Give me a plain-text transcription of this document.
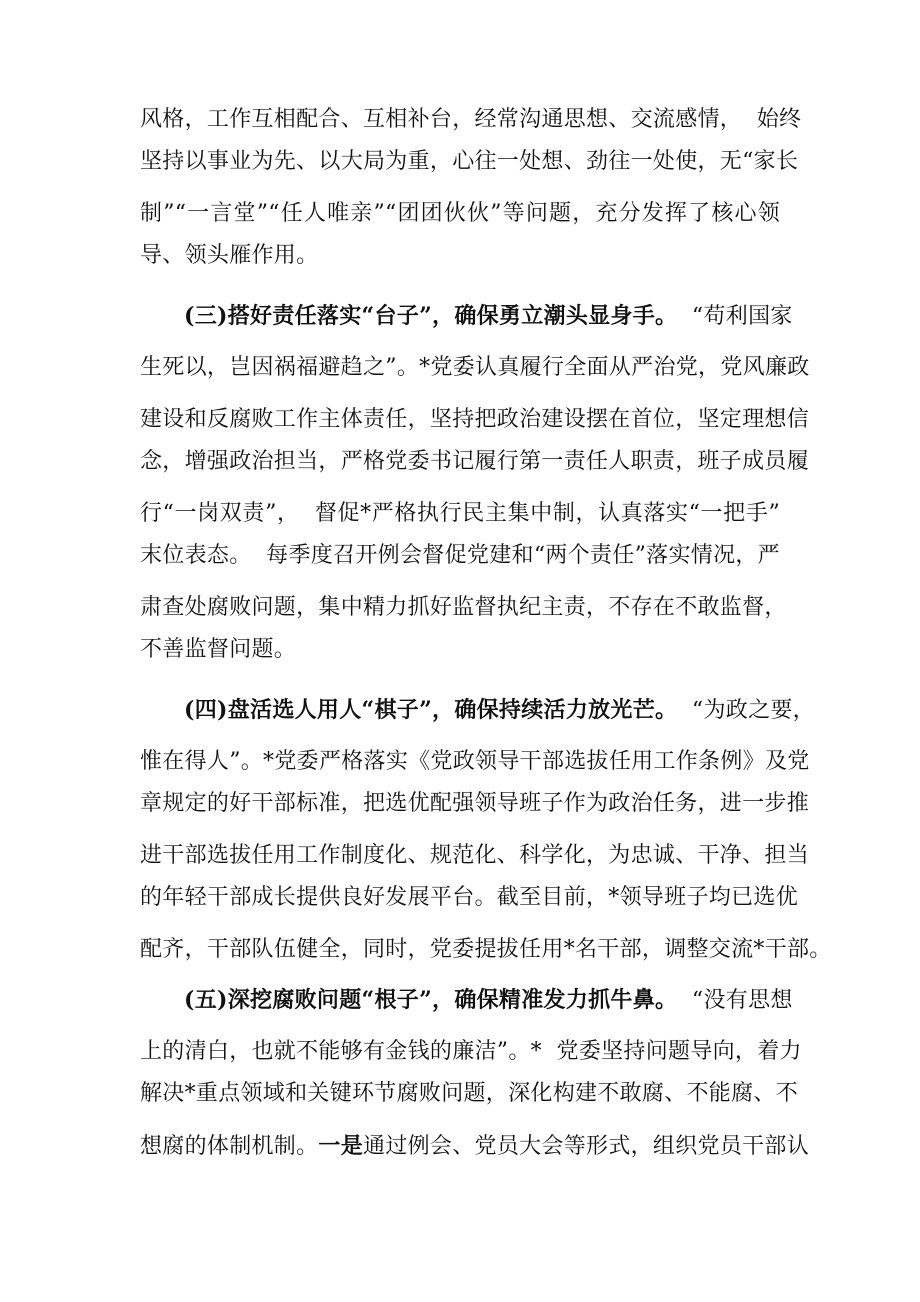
风格，工作互相配合、互相补台，经常沟通思想、交流感情，  始终
坚持以事业为先、以大局为重，心往一处想、劲往一处使，无“家长
制”“一言堂”“任人唯亲”“团团伙伙”等问题，充分发挥了核心领
导、领头雁作用。
(三)搭好责任落实“台子”，确保勇立潮头显身手。  “苟利国家
生死以，岂因祸福避趋之”。*党委认真履行全面从严治党，党风廉政
建设和反腐败工作主体责任，坚持把政治建设摆在首位，坚定理想信
念，增强政治担当，严格党委书记履行第一责任人职责，班子成员履
行“一岗双责”，  督促*严格执行民主集中制，认真落实“一把手”
末位表态。  每季度召开例会督促党建和“两个责任”落实情况，严
肃查处腐败问题，集中精力抓好监督执纪主责，不存在不敢监督，
不善监督问题。
(四)盘活选人用人“棋子”，确保持续活力放光芒。  “为政之要，
惟在得人”。*党委严格落实《党政领导干部选拔任用工作条例》及党
章规定的好干部标准，把选优配强领导班子作为政治任务，进一步推
进干部选拔任用工作制度化、规范化、科学化，为忠诚、干净、担当
的年轻干部成长提供良好发展平台。截至目前，*领导班子均已选优
配齐，干部队伍健全，同时，党委提拔任用*名干部，调整交流*干部。
(五)深挖腐败问题“根子”，确保精准发力抓牛鼻。  “没有思想
上的清白，也就不能够有金钱的廉洁”。*  党委坚持问题导向，着力
解决*重点领域和关键环节腐败问题，深化构建不敢腐、不能腐、不
想腐的体制机制。一是通过例会、党员大会等形式，组织党员干部认
